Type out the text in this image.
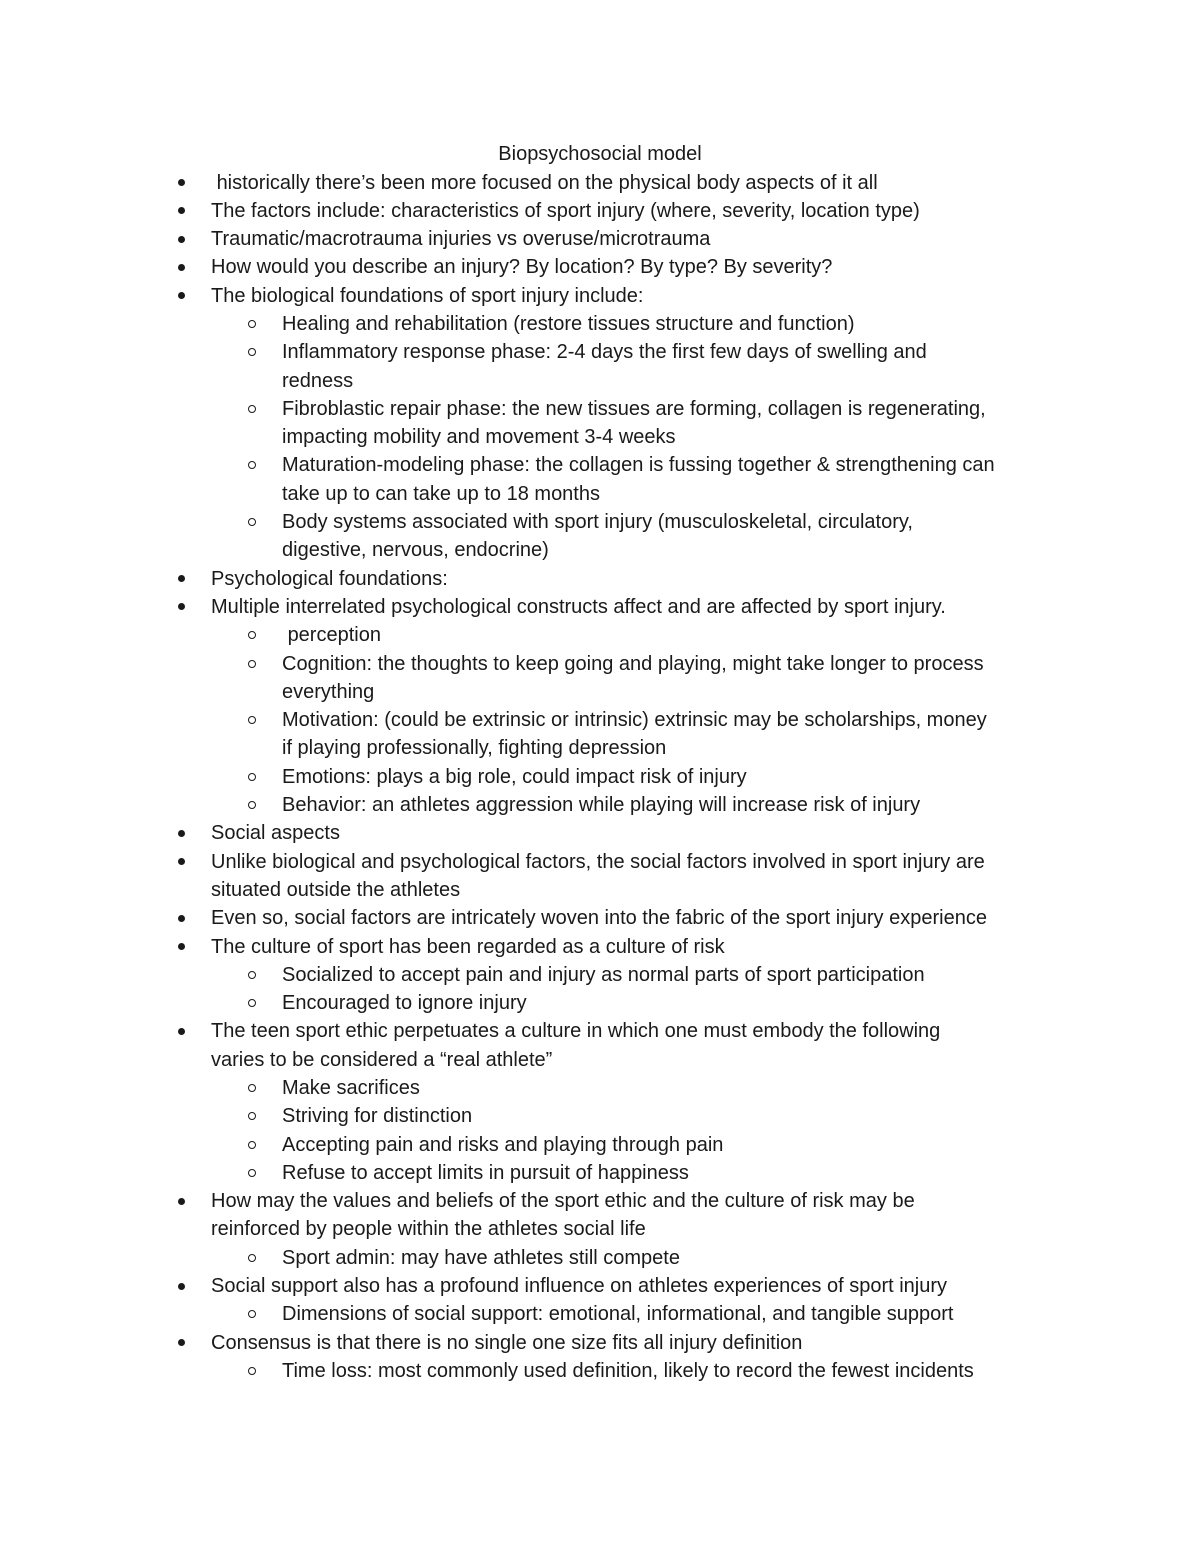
Biopsychosocial model
historically there’s been more focused on the physical body aspects of it all
The factors include: characteristics of sport injury (where, severity, location type)
Traumatic/macrotrauma injuries vs overuse/microtrauma
How would you describe an injury? By location? By type? By severity?
The biological foundations of sport injury include:
Healing and rehabilitation (restore tissues structure and function)
Inflammatory response phase: 2-4 days the first few days of swelling and
redness
Fibroblastic repair phase: the new tissues are forming, collagen is regenerating,
impacting mobility and movement 3-4 weeks
Maturation-modeling phase: the collagen is fussing together & strengthening can
take up to can take up to 18 months
Body systems associated with sport injury (musculoskeletal, circulatory,
digestive, nervous, endocrine)
Psychological foundations:
Multiple interrelated psychological constructs affect and are affected by sport injury.
perception
Cognition: the thoughts to keep going and playing, might take longer to process
everything
Motivation: (could be extrinsic or intrinsic) extrinsic may be scholarships, money
if playing professionally, fighting depression
Emotions: plays a big role, could impact risk of injury
Behavior: an athletes aggression while playing will increase risk of injury
Social aspects
Unlike biological and psychological factors, the social factors involved in sport injury are
situated outside the athletes
Even so, social factors are intricately woven into the fabric of the sport injury experience
The culture of sport has been regarded as a culture of risk
Socialized to accept pain and injury as normal parts of sport participation
Encouraged to ignore injury
The teen sport ethic perpetuates a culture in which one must embody the following
varies to be considered a “real athlete”
Make sacrifices
Striving for distinction
Accepting pain and risks and playing through pain
Refuse to accept limits in pursuit of happiness
How may the values and beliefs of the sport ethic and the culture of risk may be
reinforced by people within the athletes social life
Sport admin: may have athletes still compete
Social support also has a profound influence on athletes experiences of sport injury
Dimensions of social support: emotional, informational, and tangible support
Consensus is that there is no single one size fits all injury definition
Time loss: most commonly used definition, likely to record the fewest incidents
